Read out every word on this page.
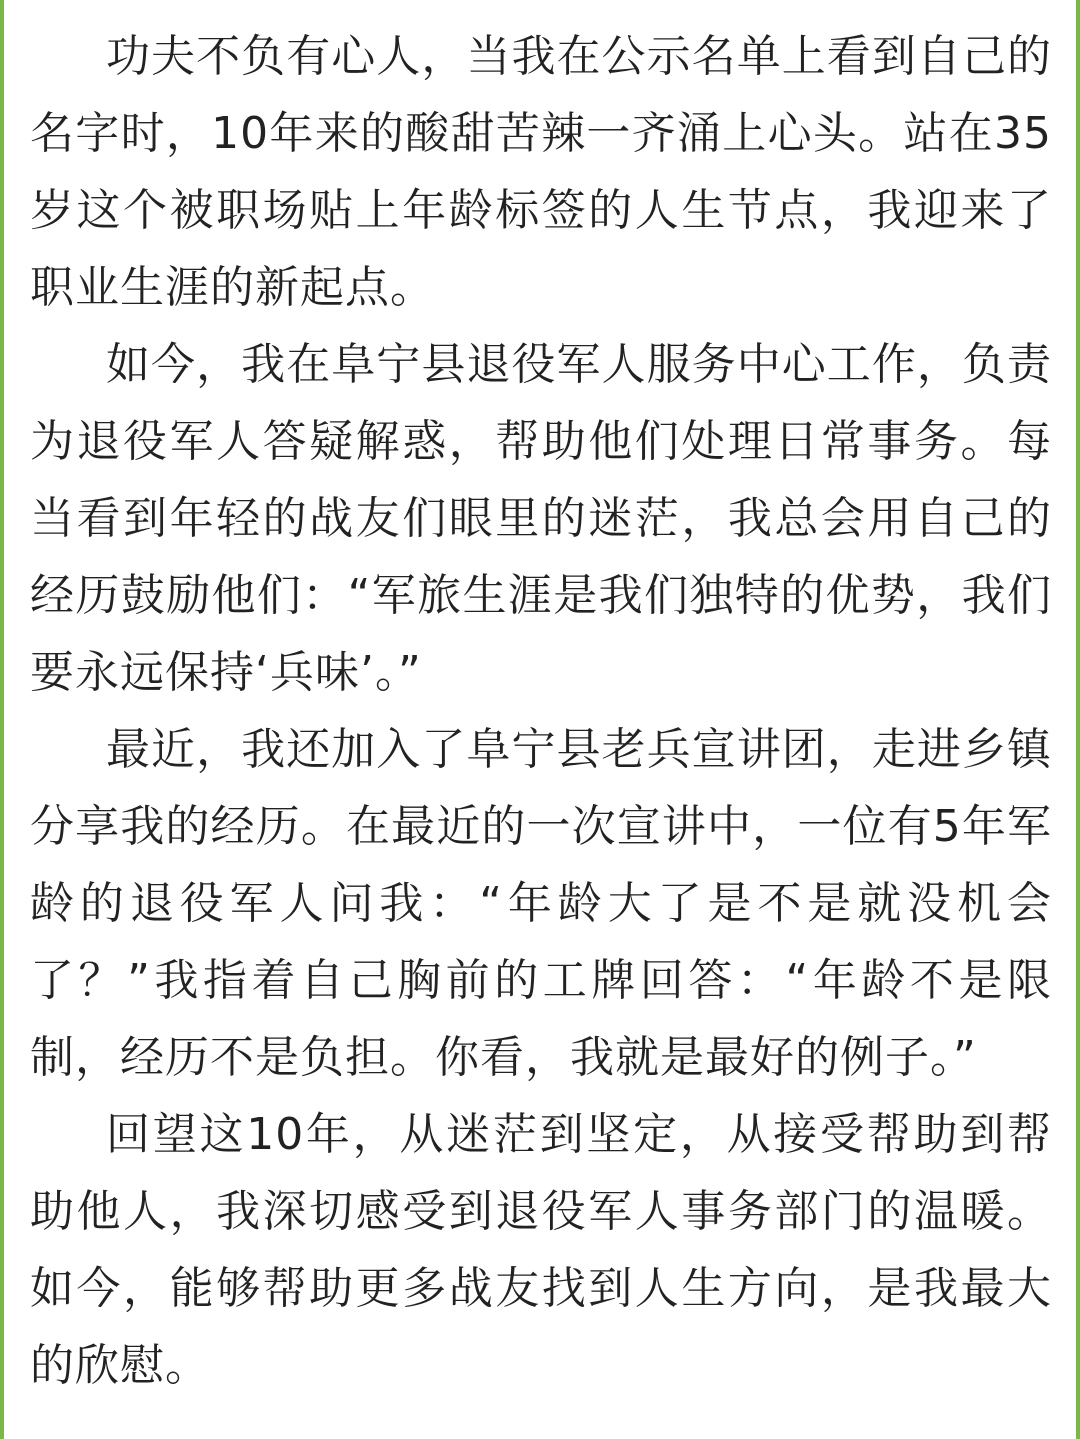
功夫不负有心人，当我在公示名单上看到自己的名字时，10年来的酸甜苦辣一齐涌上心头。站在35岁这个被职场贴上年龄标签的人生节点，我迎来了职业生涯的新起点。

如今，我在阜宁县退役军人服务中心工作，负责为退役军人答疑解惑，帮助他们处理日常事务。每当看到年轻的战友们眼里的迷茫，我总会用自己的经历鼓励他们：“军旅生涯是我们独特的优势，我们要永远保持‘兵味’。”

最近，我还加入了阜宁县老兵宣讲团，走进乡镇分享我的经历。在最近的一次宣讲中，一位有5年军龄的退役军人问我：“年龄大了是不是就没机会了？”我指着自己胸前的工牌回答：“年龄不是限制，经历不是负担。你看，我就是最好的例子。”

回望这10年，从迷茫到坚定，从接受帮助到帮助他人，我深切感受到退役军人事务部门的温暖。如今，能够帮助更多战友找到人生方向，是我最大的欣慰。
